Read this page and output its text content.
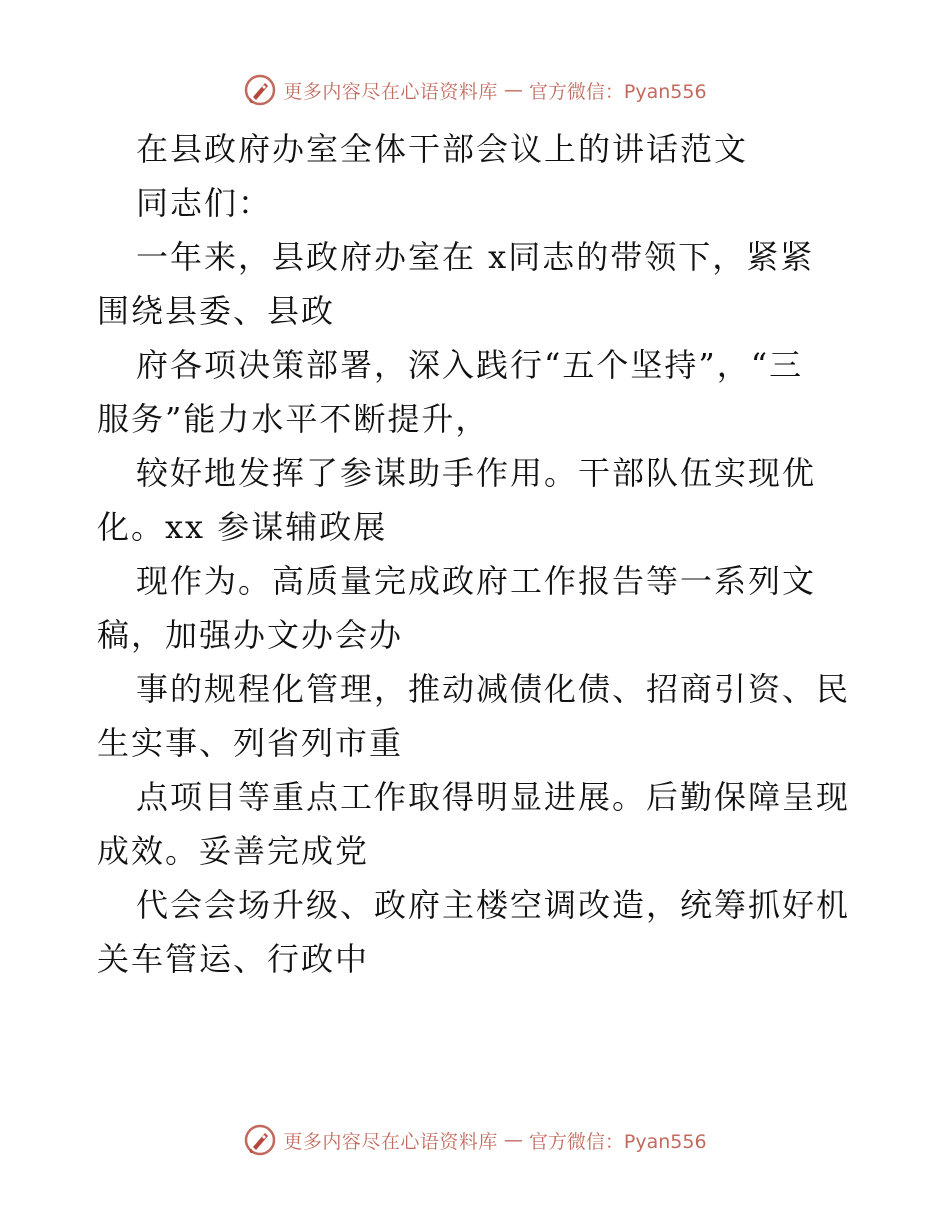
更多内容尽在心语资料库 — 官方微信：Pyan556
在县政府办室全体干部会议上的讲话范文
同志们：
一年来，县政府办室在 x同志的带领下，紧紧
围绕县委、县政
府各项决策部署，深入践行“五个坚持”，“三
服务”能力水平不断提升，
较好地发挥了参谋助手作用。干部队伍实现优
化。xx 参谋辅政展
现作为。高质量完成政府工作报告等一系列文
稿，加强办文办会办
事的规程化管理，推动减债化债、招商引资、民
生实事、列省列市重
点项目等重点工作取得明显进展。后勤保障呈现
成效。妥善完成党
代会会场升级、政府主楼空调改造，统筹抓好机
关车管运、行政中
更多内容尽在心语资料库 — 官方微信：Pyan556
